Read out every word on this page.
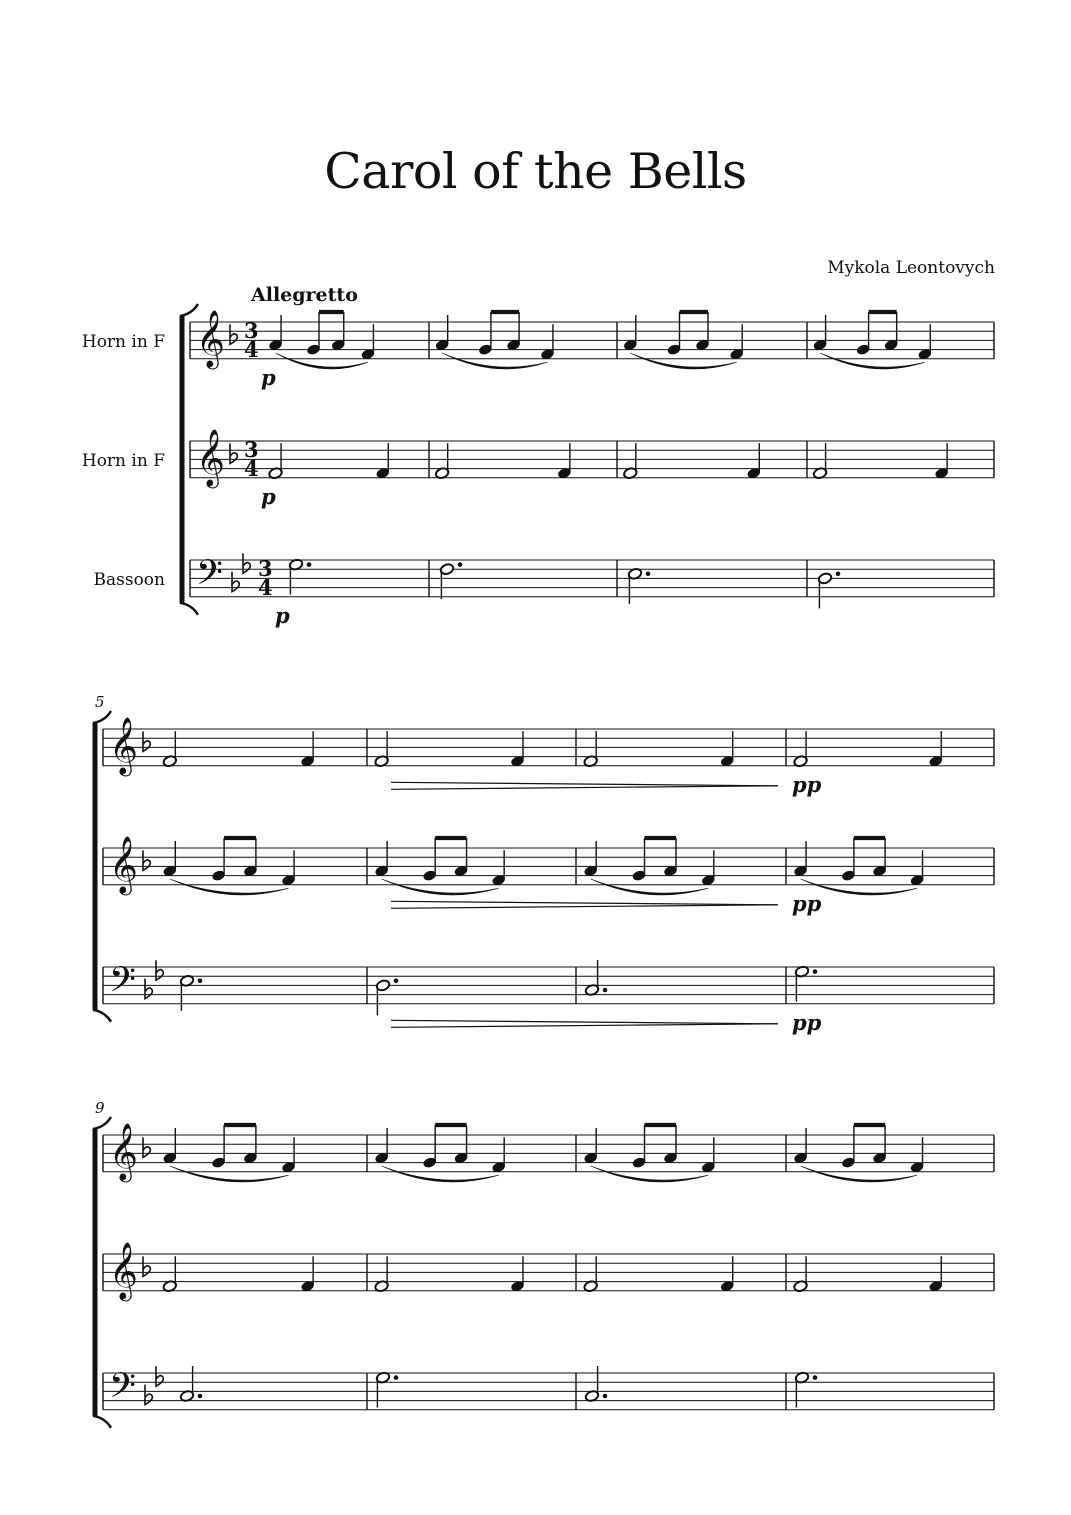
Carol of the Bells
Mykola Leontovych
Allegretto
Horn in F 𝄞 3
4
p
Horn in F 𝄞 3
4
p
Bassoon 𝄢 3
4
p
5
𝄞
pp
𝄞
pp
𝄢
pp
9
𝄞
𝄞
𝄢
